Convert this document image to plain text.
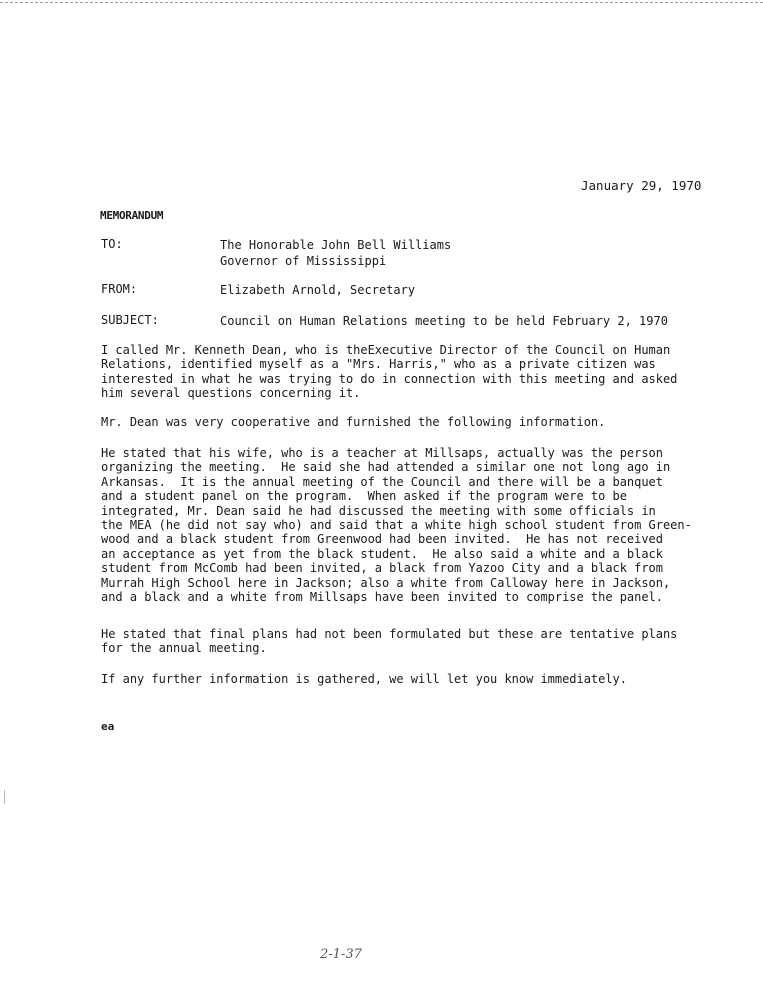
January 29, 1970
MEMORANDUM
TO:	The Honorable John Bell Williams
Governor of Mississippi
FROM:	Elizabeth Arnold, Secretary
SUBJECT:	Council on Human Relations meeting to be held February 2, 1970
I called Mr. Kenneth Dean, who is theExecutive Director of the Council on Human
Relations, identified myself as a "Mrs. Harris," who as a private citizen was
interested in what he was trying to do in connection with this meeting and asked
him several questions concerning it.
Mr. Dean was very cooperative and furnished the following information.
He stated that his wife, who is a teacher at Millsaps, actually was the person
organizing the meeting.  He said she had attended a similar one not long ago in
Arkansas.  It is the annual meeting of the Council and there will be a banquet
and a student panel on the program.  When asked if the program were to be
integrated, Mr. Dean said he had discussed the meeting with some officials in
the MEA (he did not say who) and said that a white high school student from Green-
wood and a black student from Greenwood had been invited.  He has not received
an acceptance as yet from the black student.  He also said a white and a black
student from McComb had been invited, a black from Yazoo City and a black from
Murrah High School here in Jackson; also a white from Calloway here in Jackson,
and a black and a white from Millsaps have been invited to comprise the panel.
He stated that final plans had not been formulated but these are tentative plans
for the annual meeting.
If any further information is gathered, we will let you know immediately.
ea
2-1-37
